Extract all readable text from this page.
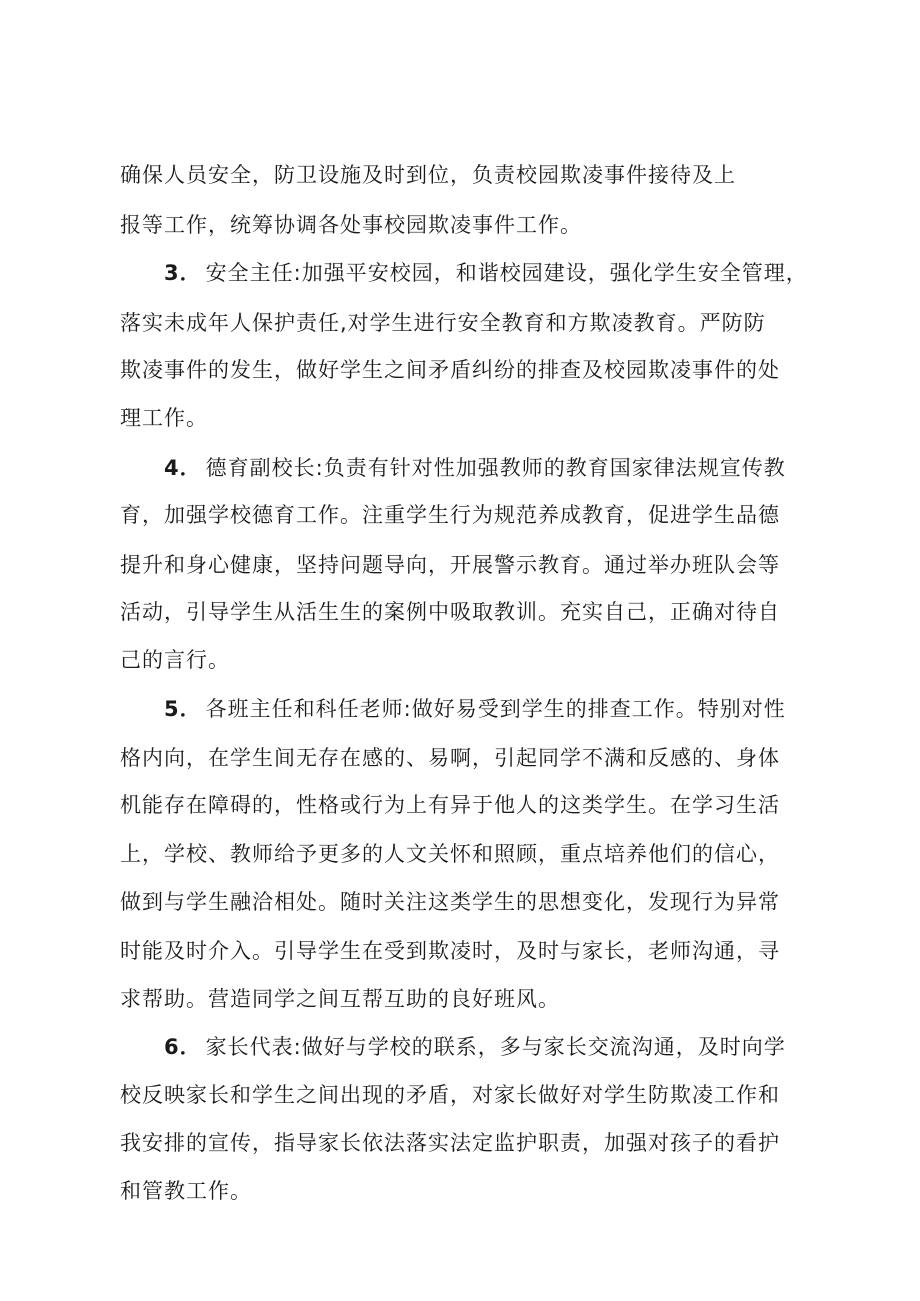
确保人员安全，防卫设施及时到位，负责校园欺凌事件接待及上
报等工作，统筹协调各处事校园欺凌事件工作。
3． 安全主任:加强平安校园，和谐校园建设，强化学生安全管理，
落实未成年人保护责任,对学生进行安全教育和方欺凌教育。严防防
欺凌事件的发生，做好学生之间矛盾纠纷的排查及校园欺凌事件的处
理工作。
4． 德育副校长:负责有针对性加强教师的教育国家律法规宣传教
育，加强学校德育工作。注重学生行为规范养成教育，促进学生品德
提升和身心健康，坚持问题导向，开展警示教育。通过举办班队会等
活动，引导学生从活生生的案例中吸取教训。充实自己，正确对待自
己的言行。
5． 各班主任和科任老师:做好易受到学生的排查工作。特别对性
格内向，在学生间无存在感的、易啊，引起同学不满和反感的、身体
机能存在障碍的，性格或行为上有异于他人的这类学生。在学习生活
上，学校、教师给予更多的人文关怀和照顾，重点培养他们的信心，
做到与学生融洽相处。随时关注这类学生的思想变化，发现行为异常
时能及时介入。引导学生在受到欺凌时，及时与家长，老师沟通，寻
求帮助。营造同学之间互帮互助的良好班风。
6． 家长代表:做好与学校的联系，多与家长交流沟通，及时向学
校反映家长和学生之间出现的矛盾，对家长做好对学生防欺凌工作和
我安排的宣传，指导家长依法落实法定监护职责，加强对孩子的看护
和管教工作。
